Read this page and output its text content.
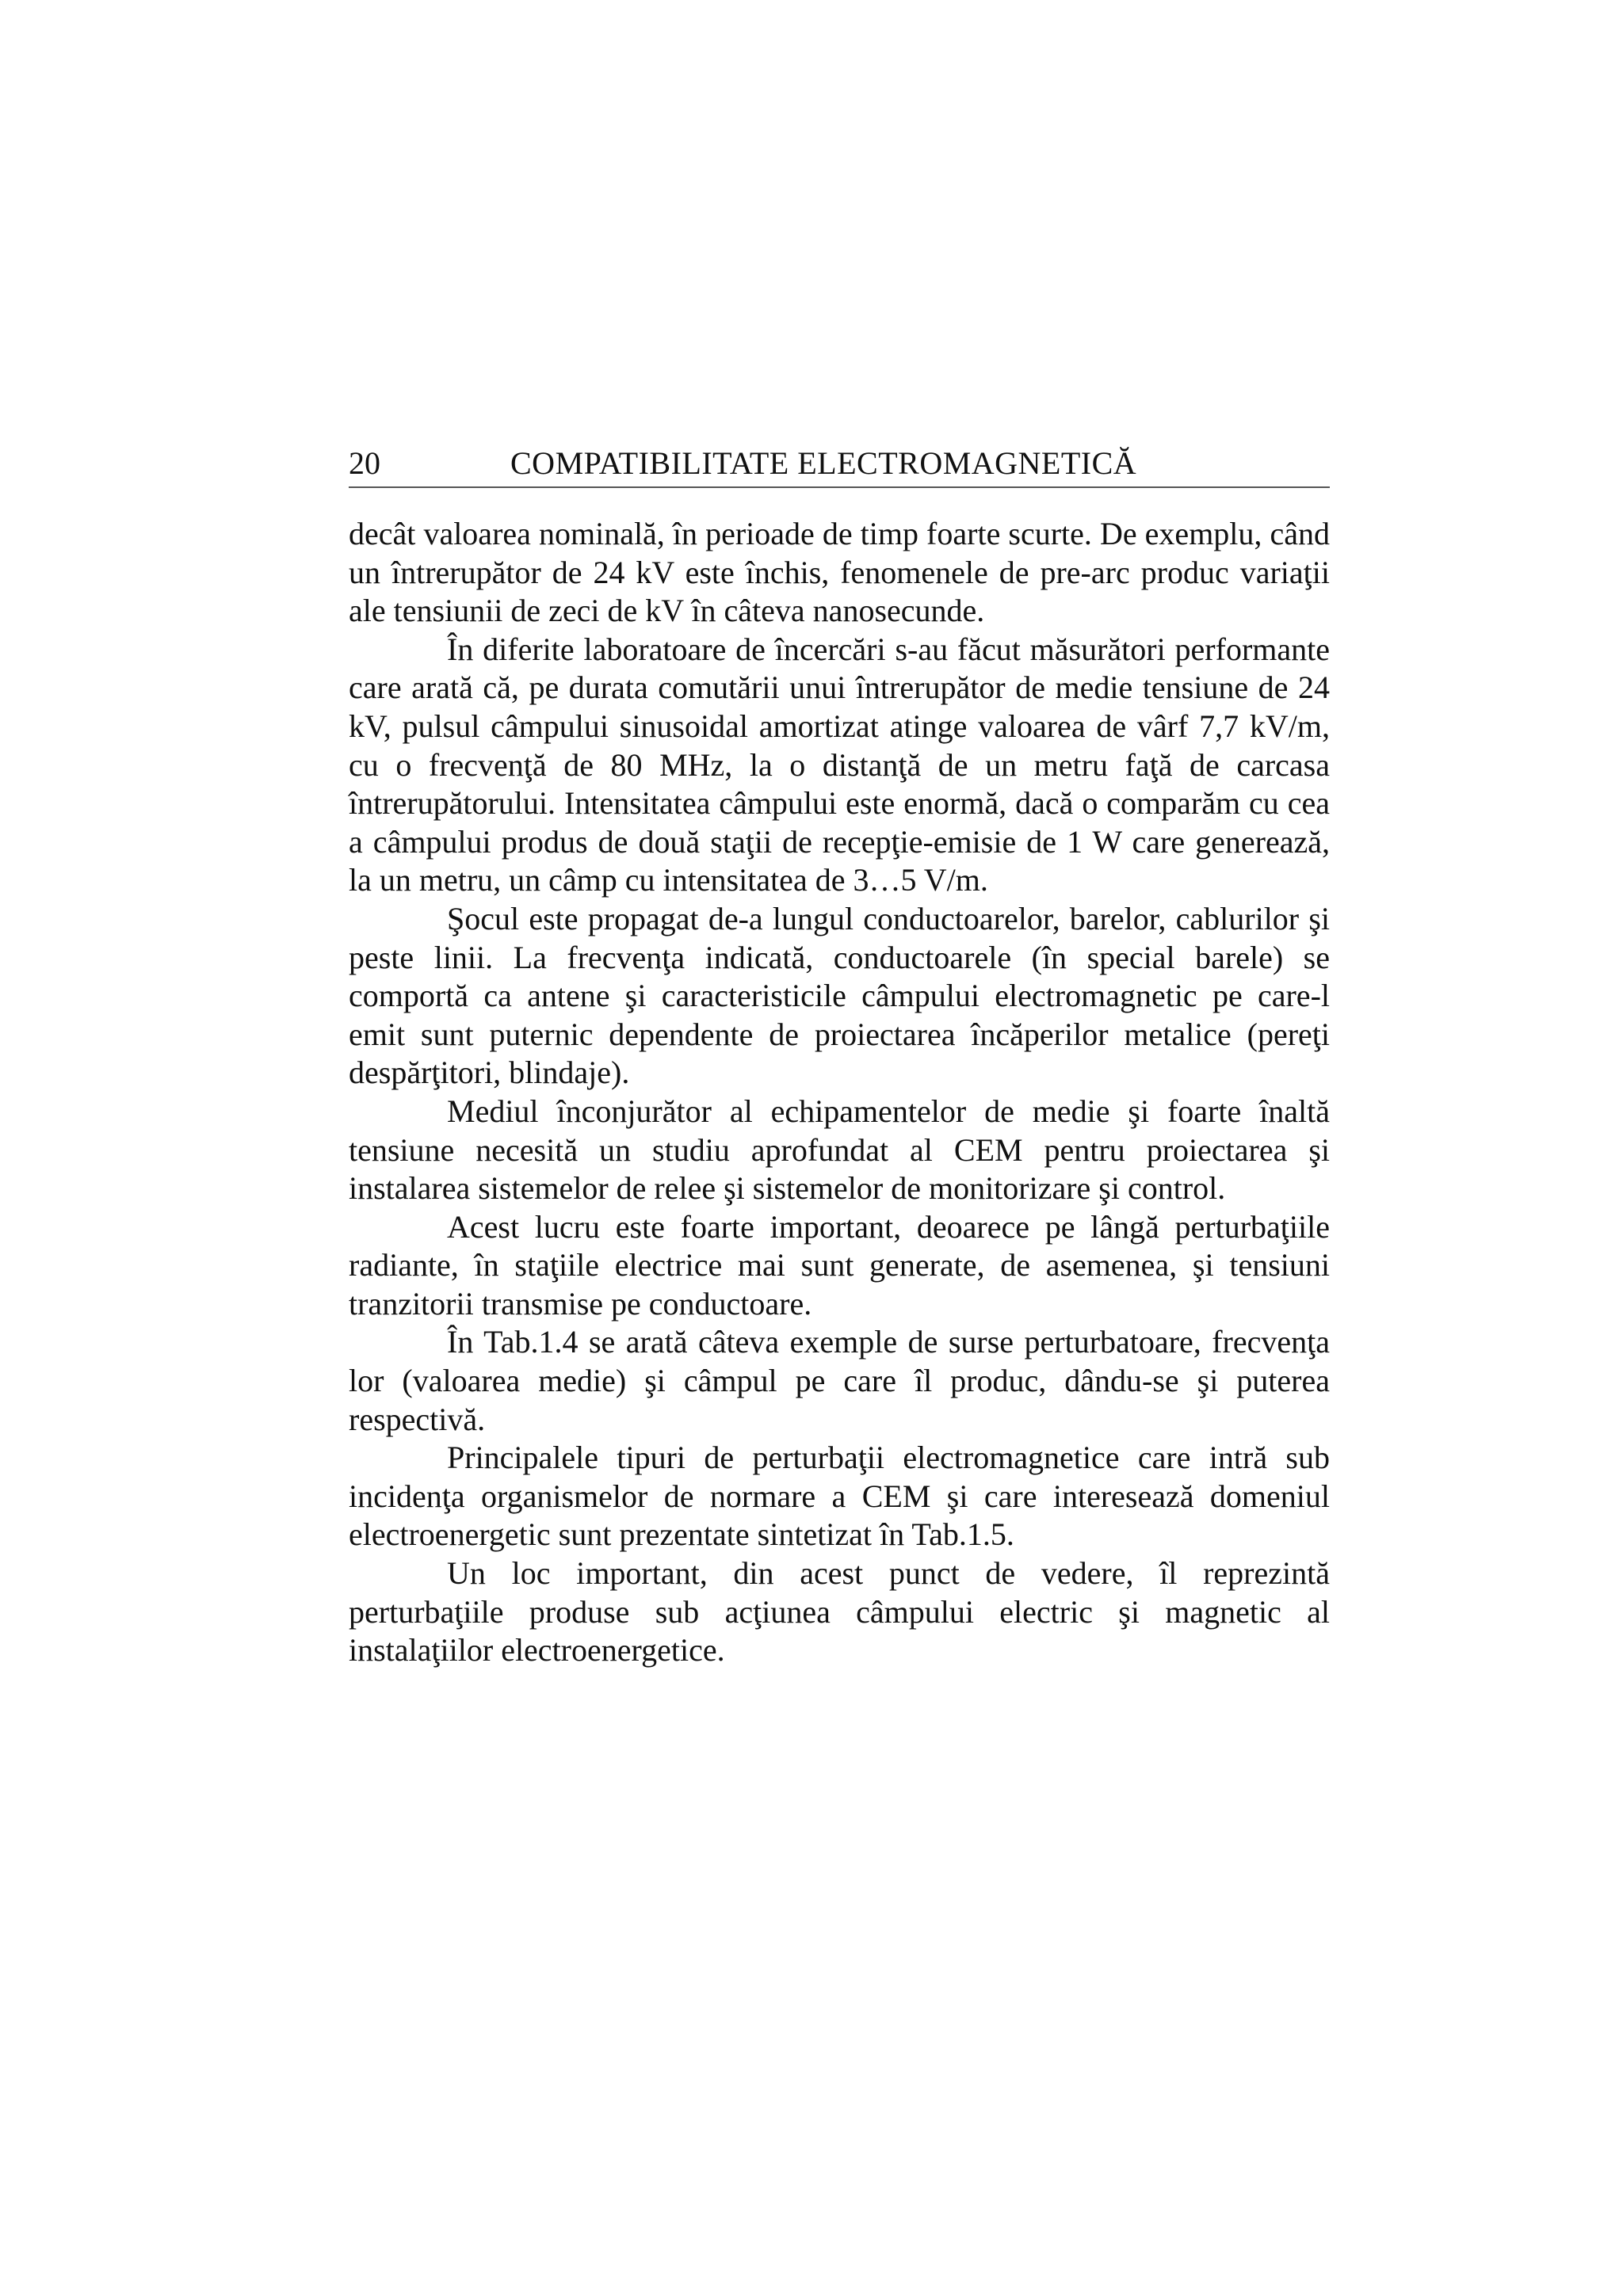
20	COMPATIBILITATE ELECTROMAGNETICĂ

decât valoarea nominală, în perioade de timp foarte scurte. De exemplu, când un întrerupător de 24 kV este închis, fenomenele de pre-arc produc variaţii ale tensiunii de zeci de kV în câteva nanosecunde.

În diferite laboratoare de încercări s-au făcut măsurători performante care arată că, pe durata comutării unui întrerupător de medie tensiune de 24 kV, pulsul câmpului sinusoidal amortizat atinge valoarea de vârf 7,7 kV/m, cu o frecvenţă de 80 MHz, la o distanţă de un metru faţă de carcasa întrerupătorului. Intensitatea câmpului este enormă, dacă o comparăm cu cea a câmpului produs de două staţii de recepţie-emisie de 1 W care generează, la un metru, un câmp cu intensitatea de 3…5 V/m.

Şocul este propagat de-a lungul conductoarelor, barelor, cablurilor şi peste linii. La frecvenţa indicată, conductoarele (în special barele) se comportă ca antene şi caracteristicile câmpului electromagnetic pe care-l emit sunt puternic dependente de proiectarea încăperilor metalice (pereţi despărţitori, blindaje).

Mediul înconjurător al echipamentelor de medie şi foarte înaltă tensiune necesită un studiu aprofundat al CEM pentru proiectarea şi instalarea sistemelor de relee şi sistemelor de monitorizare şi control.

Acest lucru este foarte important, deoarece pe lângă perturbaţiile radiante, în staţiile electrice mai sunt generate, de asemenea, şi tensiuni tranzitorii transmise pe conductoare.

În Tab.1.4 se arată câteva exemple de surse perturbatoare, frecvenţa lor (valoarea medie) şi câmpul pe care îl produc, dându-se şi puterea respectivă.

Principalele tipuri de perturbaţii electromagnetice care intră sub incidenţa organismelor de normare a CEM şi care interesează domeniul electroenergetic sunt prezentate sintetizat în Tab.1.5.

Un loc important, din acest punct de vedere, îl reprezintă perturbaţiile produse sub acţiunea câmpului electric şi magnetic al instalaţiilor electroenergetice.
